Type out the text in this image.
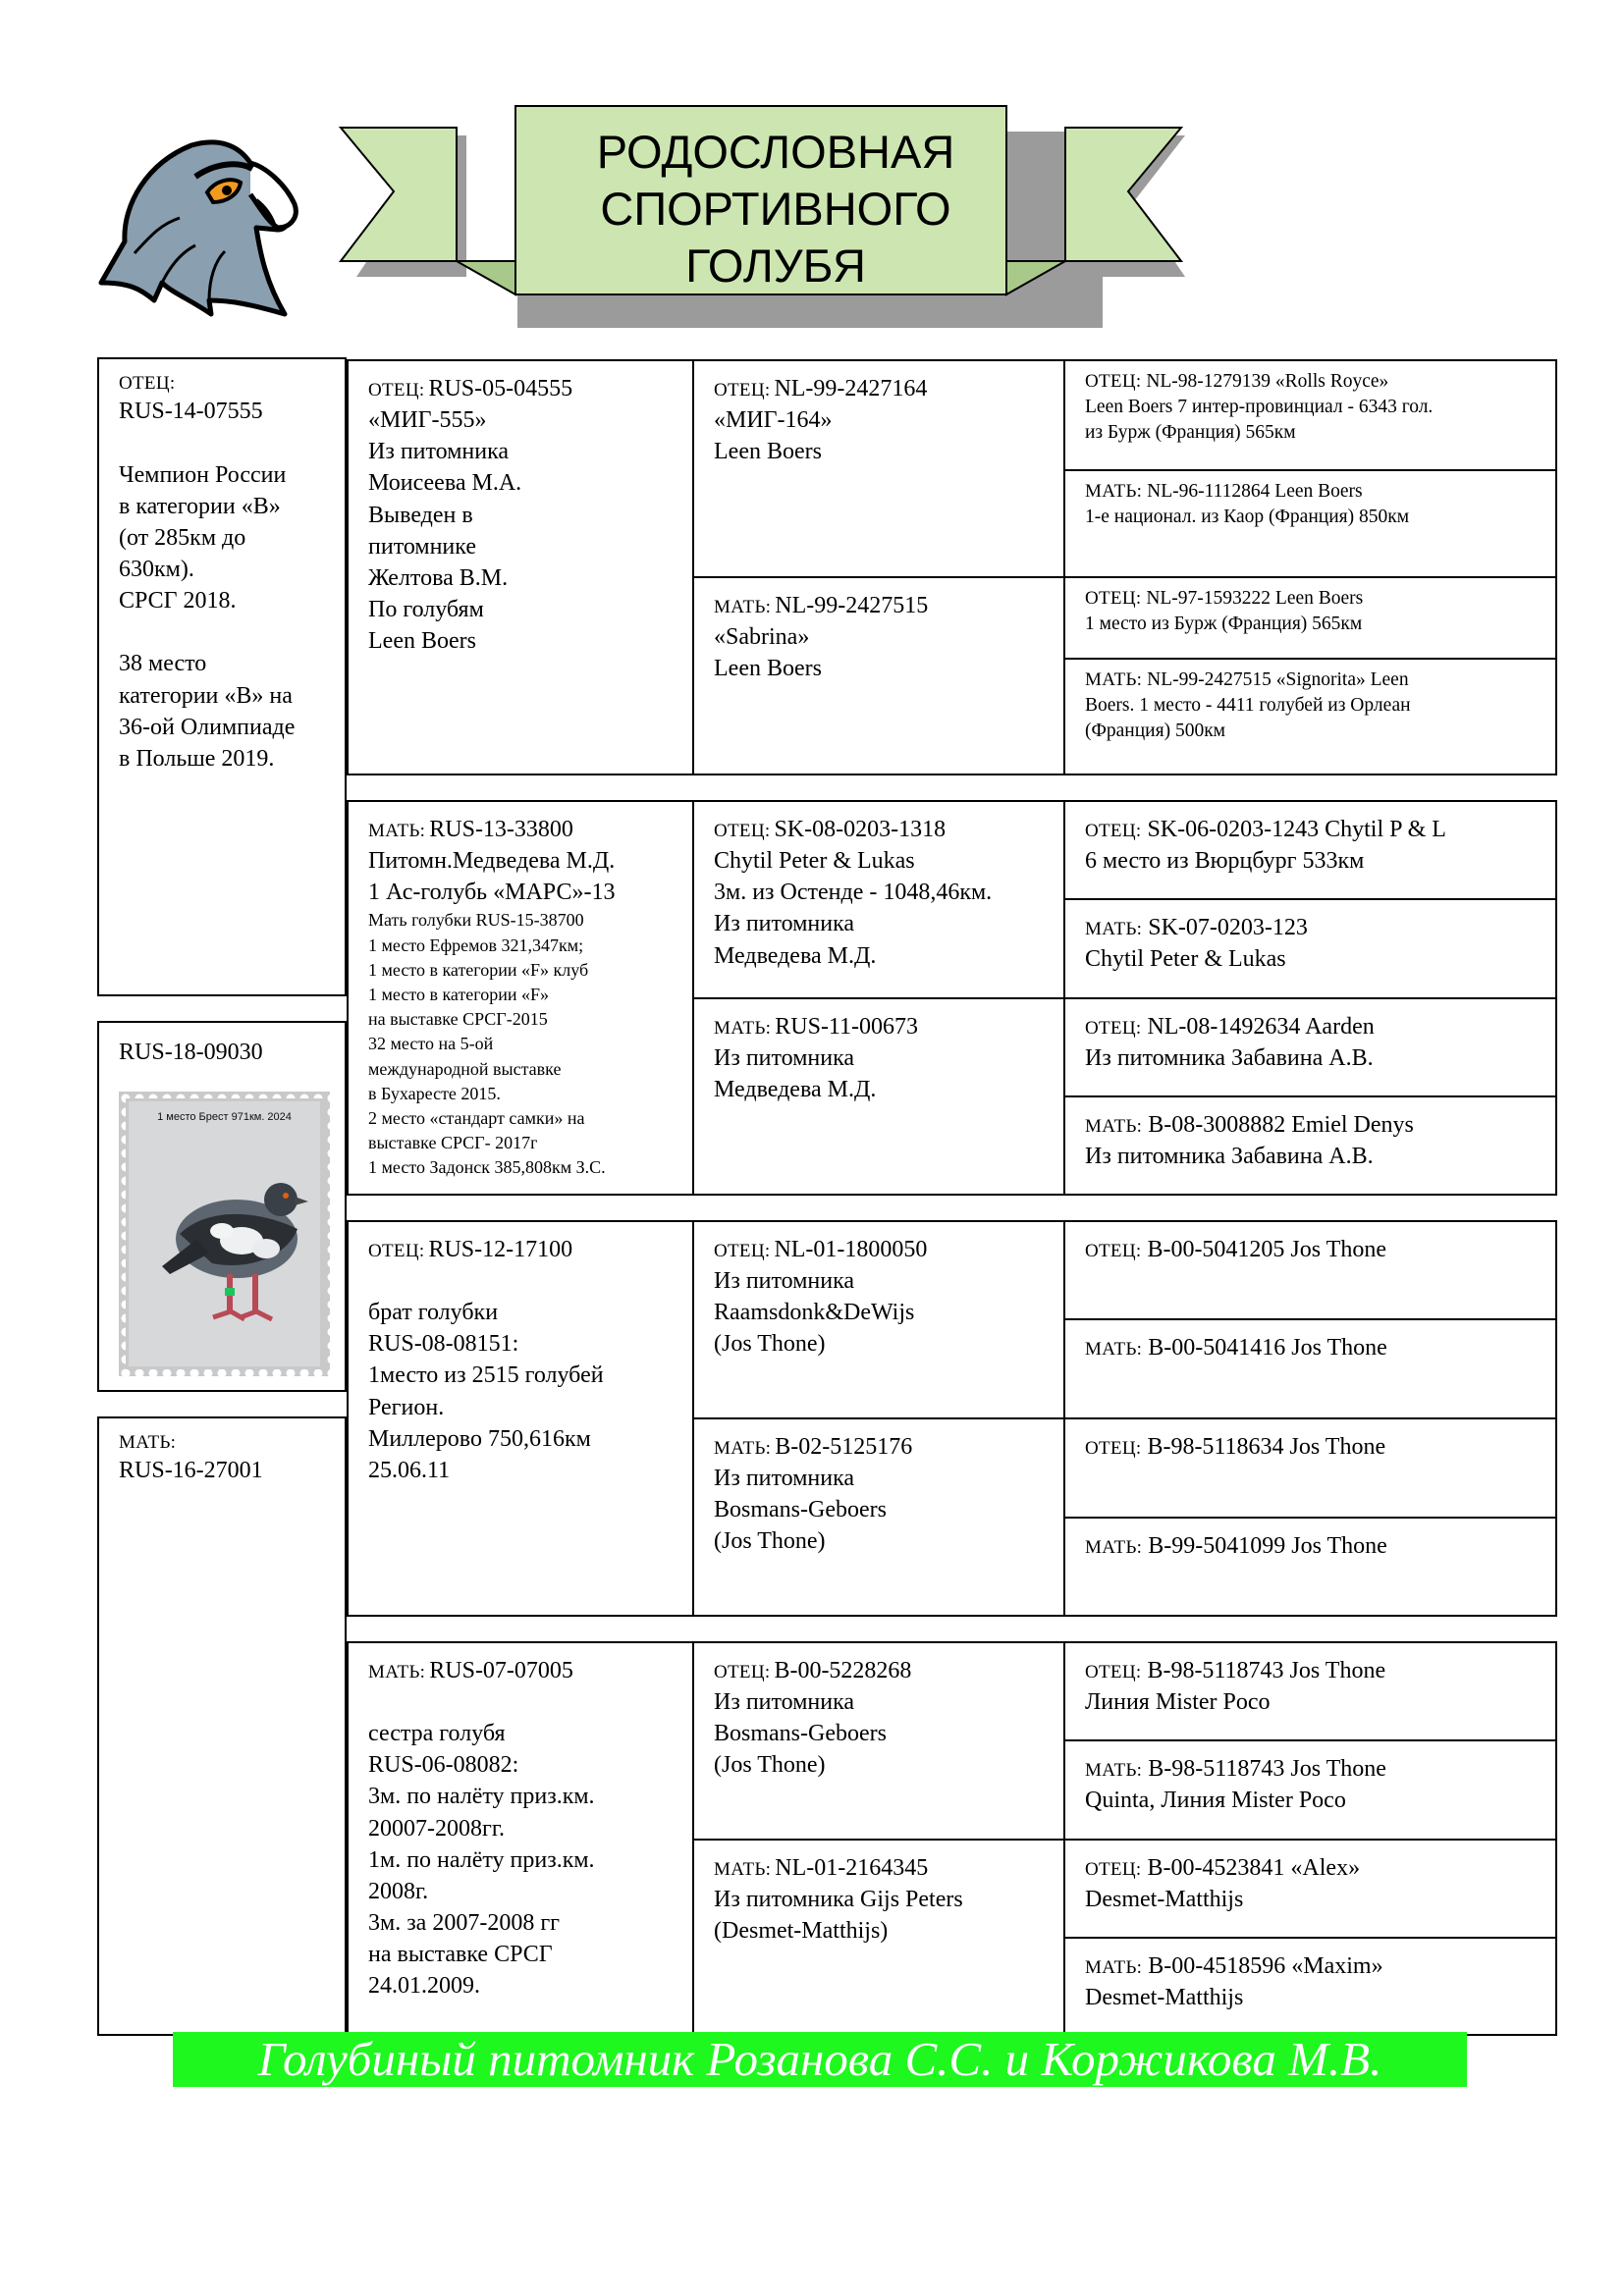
РОДОСЛОВНАЯ
СПОРТИВНОГО
ГОЛУБЯ
ОТЕЦ:
RUS-14-07555
Чемпион России
в категории «В»
(от 285км до
630км).
СРСГ 2018.
38 место
категории «В» на
36-ой Олимпиаде
в Польше 2019.
RUS-18-09030
1 место Брест 971км. 2024
МАТЬ:
RUS-16-27001
ОТЕЦ: RUS-05-04555
«МИГ-555»
Из питомника
Моисеева М.А.
Выведен в
питомнике
Желтова В.М.
По голубям
Leen Boers
МАТЬ: RUS-13-33800
Питомн.Медведева М.Д.
1 Ас-голубь «МАРС»-13
Мать голубки RUS-15-38700
1 место Ефремов 321,347км;
1 место в категории «F» клуб
1 место в категории «F»
на выставке СРСГ-2015
32 место на 5-ой
международной выставке
в Бухаресте 2015.
2 место «стандарт самки» на
выставке СРСГ- 2017г
1 место Задонск 385,808км З.С.
ОТЕЦ: RUS-12-17100
брат голубки
RUS-08-08151:
1место из 2515 голубей
Регион.
Миллерово 750,616км
25.06.11
МАТЬ: RUS-07-07005
сестра голубя
RUS-06-08082:
3м. по налёту приз.км.
20007-2008гг.
1м. по налёту приз.км.
2008г.
3м. за 2007-2008 гг
на выставке СРСГ
24.01.2009.
ОТЕЦ: NL-99-2427164
«МИГ-164»
Leen Boers
МАТЬ: NL-99-2427515
«Sabrina»
Leen Boers
ОТЕЦ: SK-08-0203-1318
Chytil Peter & Lukas
3м. из Остенде - 1048,46км.
Из питомника
Медведева М.Д.
МАТЬ: RUS-11-00673
Из питомника
Медведева М.Д.
ОТЕЦ: NL-01-1800050
Из питомника
Raamsdonk&DeWijs
(Jos Thone)
МАТЬ: B-02-5125176
Из питомника
Bosmans-Geboers
(Jos Thone)
ОТЕЦ: B-00-5228268
Из питомника
Bosmans-Geboers
(Jos Thone)
МАТЬ: NL-01-2164345
Из питомника Gijs Peters
(Desmet-Matthijs)
ОТЕЦ: NL-98-1279139 «Rolls Royce»
Leen Boers 7 интер-провинциал - 6343 гол.
из Бурж (Франция) 565км
МАТЬ: NL-96-1112864 Leen Boers
1-е национал. из Каор (Франция) 850км
ОТЕЦ: NL-97-1593222 Leen Boers
1 место из Бурж (Франция) 565км
МАТЬ: NL-99-2427515 «Signorita» Leen
Boers. 1 место - 4411 голубей из Орлеан
(Франция) 500км
ОТЕЦ: SK-06-0203-1243 Chytil P & L
6 место из Вюрцбург 533км
МАТЬ: SK-07-0203-123
Chytil Peter & Lukas
ОТЕЦ: NL-08-1492634 Aarden
Из питомника Забавина А.В.
МАТЬ: B-08-3008882 Emiel Denys
Из питомника Забавина А.В.
ОТЕЦ: B-00-5041205 Jos Thone
МАТЬ: B-00-5041416 Jos Thone
ОТЕЦ: B-98-5118634 Jos Thone
МАТЬ: B-99-5041099 Jos Thone
ОТЕЦ: B-98-5118743 Jos Thone
Линия Mister Poco
МАТЬ: B-98-5118743 Jos Thone
Quinta, Линия Mister Poco
ОТЕЦ: B-00-4523841 «Alex»
Desmet-Matthijs
МАТЬ: B-00-4518596 «Maxim»
Desmet-Matthijs
Голубиный питомник Розанова С.С. и Коржикова М.В.
